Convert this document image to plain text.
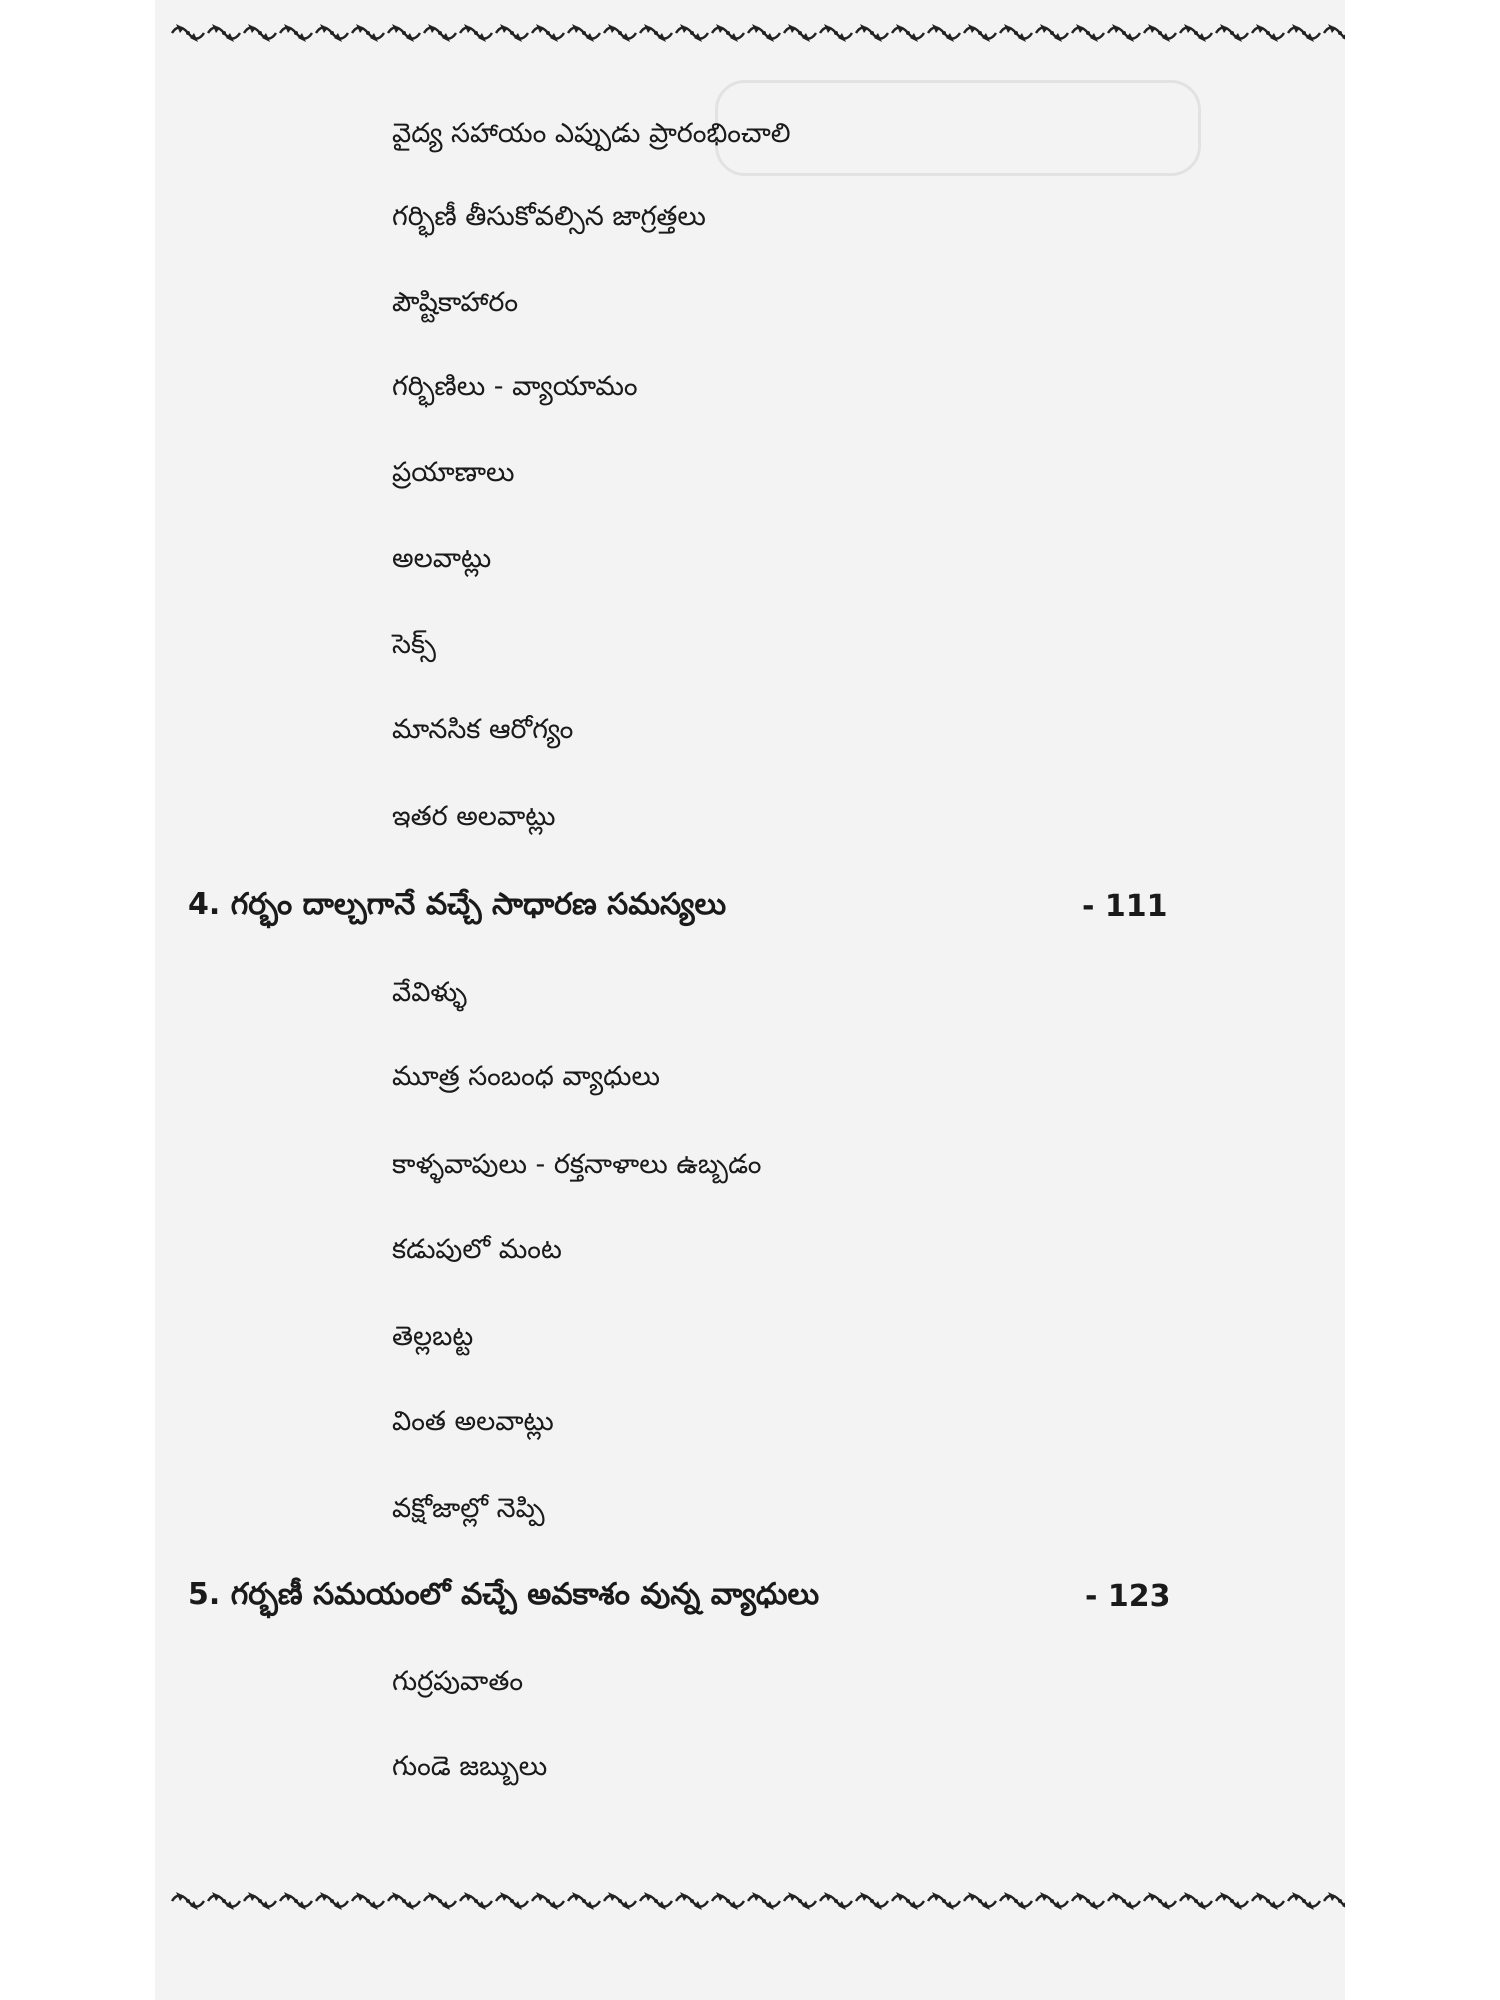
వైద్య సహాయం ఎప్పుడు ప్రారంభించాలి
గర్భిణీ తీసుకోవల్సిన జాగ్రత్తలు
పౌష్టికాహారం
గర్భిణిలు - వ్యాయామం
ప్రయాణాలు
అలవాట్లు
సెక్స్
మానసిక ఆరోగ్యం
ఇతర అలవాట్లు
4. గర్భం దాల్చగానే వచ్చే సాధారణ సమస్యలు	- 111
వేవిళ్ళు
మూత్ర సంబంధ వ్యాధులు
కాళ్ళవాపులు - రక్తనాళాలు ఉబ్బడం
కడుపులో మంట
తెల్లబట్ట
వింత అలవాట్లు
వక్షోజాల్లో నెప్పి
5. గర్భణీ సమయంలో వచ్చే అవకాశం వున్న వ్యాధులు	- 123
గుర్రపువాతం
గుండె జబ్బులు
